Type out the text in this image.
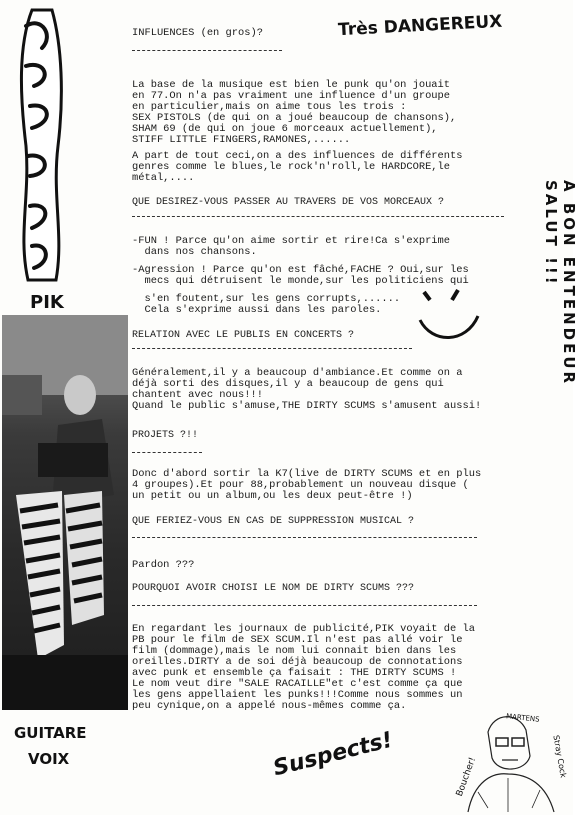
PIK
GUITARE
VOIX
INFLUENCES (en gros)?	Très DANGEREUX
La base de la musique est bien le punk qu'on jouait
en 77.On n'a pas vraiment une influence d'un groupe
en particulier,mais on aime tous les trois :
SEX PISTOLS (de qui on a joué beaucoup de chansons),
SHAM 69 (de qui on joue 6 morceaux actuellement),
STIFF LITTLE FINGERS,RAMONES,......
A part de tout ceci,on a des influences de différents
genres comme le blues,le rock'n'roll,le HARDCORE,le
métal,....
QUE DESIREZ-VOUS PASSER AU TRAVERS DE VOS MORCEAUX ?
-FUN ! Parce qu'on aime sortir et rire!Ca s'exprime
dans nos chansons.
-Agression ! Parce qu'on est fâché,FACHE ? Oui,sur les
mecs qui détruisent le monde,sur les politiciens qui
s'en foutent,sur les gens corrupts,......
Cela s'exprime aussi dans les paroles.
RELATION AVEC LE PUBLIS EN CONCERTS ?
Généralement,il y a beaucoup d'ambiance.Et comme on a
déjà sorti des disques,il y a beaucoup de gens qui
chantent avec nous!!!
Quand le public s'amuse,THE DIRTY SCUMS s'amusent aussi!
PROJETS ?!!
Donc d'abord sortir la K7(live de DIRTY SCUMS et en plus
4 groupes).Et pour 88,probablement un nouveau disque (
un petit ou un album,ou les deux peut-être !)
QUE FERIEZ-VOUS EN CAS DE SUPPRESSION MUSICAL ?
Pardon ???
POURQUOI AVOIR CHOISI LE NOM DE DIRTY SCUMS ???
En regardant les journaux de publicité,PIK voyait de la
PB pour le film de SEX SCUM.Il n'est pas allé voir le
film (dommage),mais le nom lui connait bien dans les
oreilles.DIRTY a de soi déjà beaucoup de connotations
avec punk et ensemble ça faisait : THE DIRTY SCUMS !
Le nom veut dire "SALE RACAILLE"et c'est comme ça que
les gens appellaient les punks!!!Comme nous sommes un
peu cynique,on a appelé nous-mêmes comme ça.
A BON ENTENDEUR SALUT !!!
Suspects!
MARTENS
Stray Cock
Boucher!
